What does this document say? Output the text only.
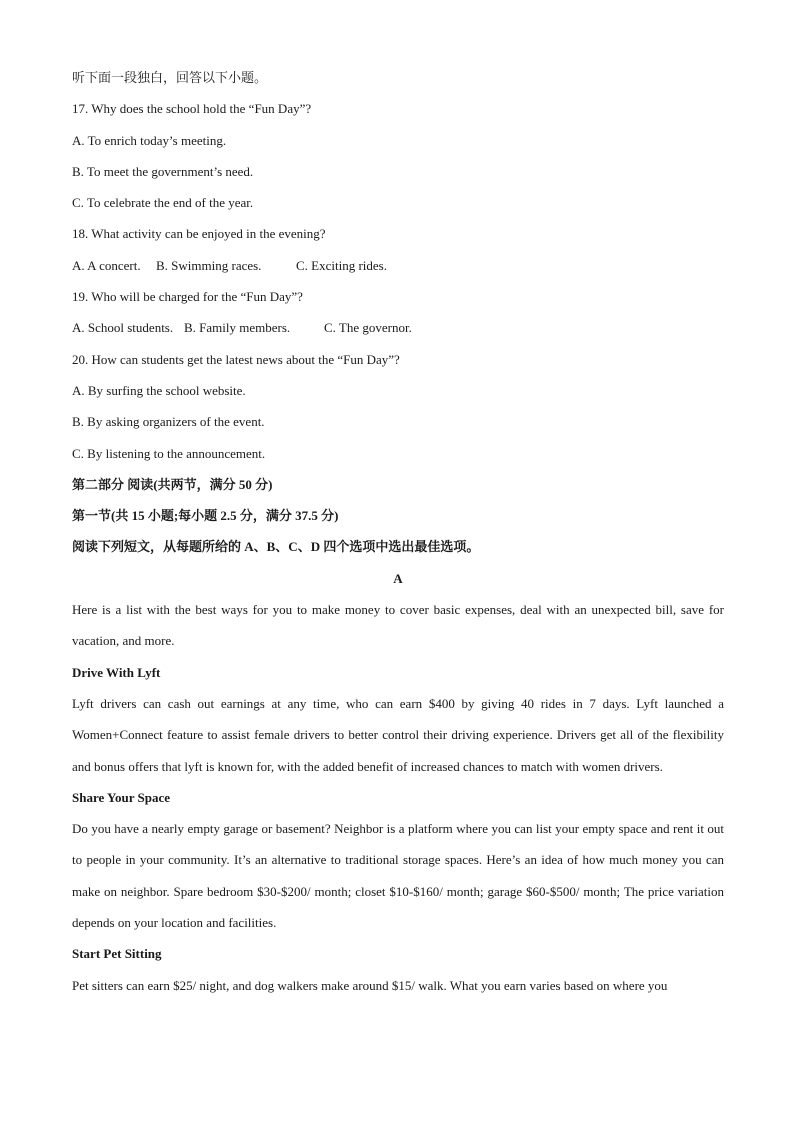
听下面一段独白，回答以下小题。
17. Why does the school hold the “Fun Day”?
A. To enrich today’s meeting.
B. To meet the government’s need.
C. To celebrate the end of the year.
18. What activity can be enjoyed in the evening?
A. A concert. B. Swimming races.	C. Exciting rides.
19. Who will be charged for the “Fun Day”?
A. School students. B. Family members.	C. The governor.
20. How can students get the latest news about the “Fun Day”?
A. By surfing the school website.
B. By asking organizers of the event.
C. By listening to the announcement.
第二部分 阅读(共两节，满分 50 分)
第一节(共 15 小题;每小题 2.5 分，满分 37.5 分)
阅读下列短文，从每题所给的 A、B、C、D 四个选项中选出最佳选项。
A
Here is a list with the best ways for you to make money to cover basic expenses, deal with an unexpected bill, save for vacation, and more.
Drive With Lyft
Lyft drivers can cash out earnings at any time, who can earn $400 by giving 40 rides in 7 days. Lyft launched a Women+Connect feature to assist female drivers to better control their driving experience. Drivers get all of the flexibility and bonus offers that lyft is known for, with the added benefit of increased chances to match with women drivers.
Share Your Space
Do you have a nearly empty garage or basement? Neighbor is a platform where you can list your empty space and rent it out to people in your community. It’s an alternative to traditional storage spaces. Here’s an idea of how much money you can make on neighbor. Spare bedroom $30-$200/ month; closet $10-$160/ month; garage $60-$500/ month; The price variation depends on your location and facilities.
Start Pet Sitting
Pet sitters can earn $25/ night, and dog walkers make around $15/ walk. What you earn varies based on where you
